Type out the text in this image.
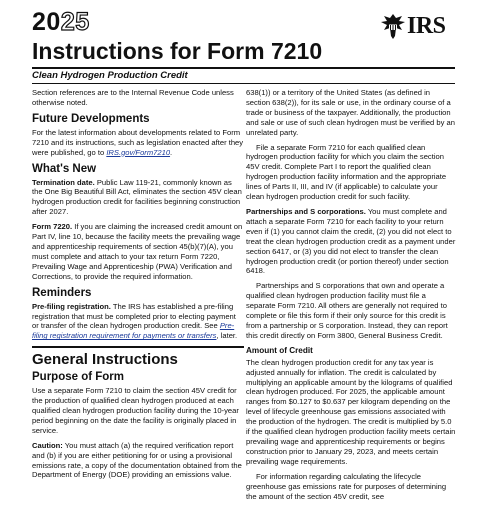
2025	IRS
Instructions for Form 7210
Clean Hydrogen Production Credit

Section references are to the Internal Revenue Code unless otherwise noted.

Future Developments

For the latest information about developments related to Form 7210 and its instructions, such as legislation enacted after they were published, go to IRS.gov/Form7210.

What's New

Termination date. Public Law 119-21, commonly known as the One Big Beautiful Bill Act, eliminates the section 45V clean hydrogen production credit for facilities beginning construction after 2027.

Form 7220. If you are claiming the increased credit amount on Part IV, line 10, because the facility meets the prevailing wage and apprenticeship requirements of section 45(b)(7)(A), you must complete and attach to your tax return Form 7220, Prevailing Wage and Apprenticeship (PWA) Verification and Corrections, to provide the required information.

Reminders

Pre-filing registration. The IRS has established a pre-filing registration that must be completed prior to electing payment or transfer of the clean hydrogen production credit. See Pre-filing registration requirement for payments or transfers, later.

General Instructions
Purpose of Form

Use a separate Form 7210 to claim the section 45V credit for the production of qualified clean hydrogen produced at each qualified clean hydrogen production facility during the 10-year period beginning on the date the facility is originally placed in service.

Caution: You must attach (a) the required verification report and (b) if you are either petitioning for or using a provisional emissions rate, a copy of the documentation obtained from the Department of Energy (DOE) providing an emissions value.

638(1)) or a territory of the United States (as defined in section 638(2)), for its sale or use, in the ordinary course of a trade or business of the taxpayer. Additionally, the production and sale or use of such clean hydrogen must be verified by an unrelated party.

File a separate Form 7210 for each qualified clean hydrogen production facility for which you claim the section 45V credit. Complete Part I to report the qualified clean hydrogen production facility information and the appropriate lines of Parts II, III, and IV (if applicable) to calculate your clean hydrogen production credit for such facility.

Partnerships and S corporations. You must complete and attach a separate Form 7210 for each facility to your return even if (1) you cannot claim the credit, (2) you did not elect to treat the clean hydrogen production credit as a payment under section 6417, or (3) you did not elect to transfer the clean hydrogen production credit (or portion thereof) under section 6418.

Partnerships and S corporations that own and operate a qualified clean hydrogen production facility must file a separate Form 7210. All others are generally not required to complete or file this form if their only source for this credit is from a partnership or S corporation. Instead, they can report this credit directly on Form 3800, General Business Credit.

Amount of Credit

The clean hydrogen production credit for any tax year is adjusted annually for inflation. The credit is calculated by multiplying an applicable amount by the kilograms of qualified clean hydrogen produced. For 2025, the applicable amount ranges from $0.127 to $0.637 per kilogram depending on the level of lifecycle greenhouse gas emissions associated with the production of the hydrogen. The credit is multiplied by 5.0 if the qualified clean hydrogen production facility meets certain prevailing wage and apprenticeship requirements or begins construction prior to January 29, 2023, and meets certain prevailing wage requirements.

For information regarding calculating the lifecycle greenhouse gas emissions rate for purposes of determining the amount of the section 45V credit, see
